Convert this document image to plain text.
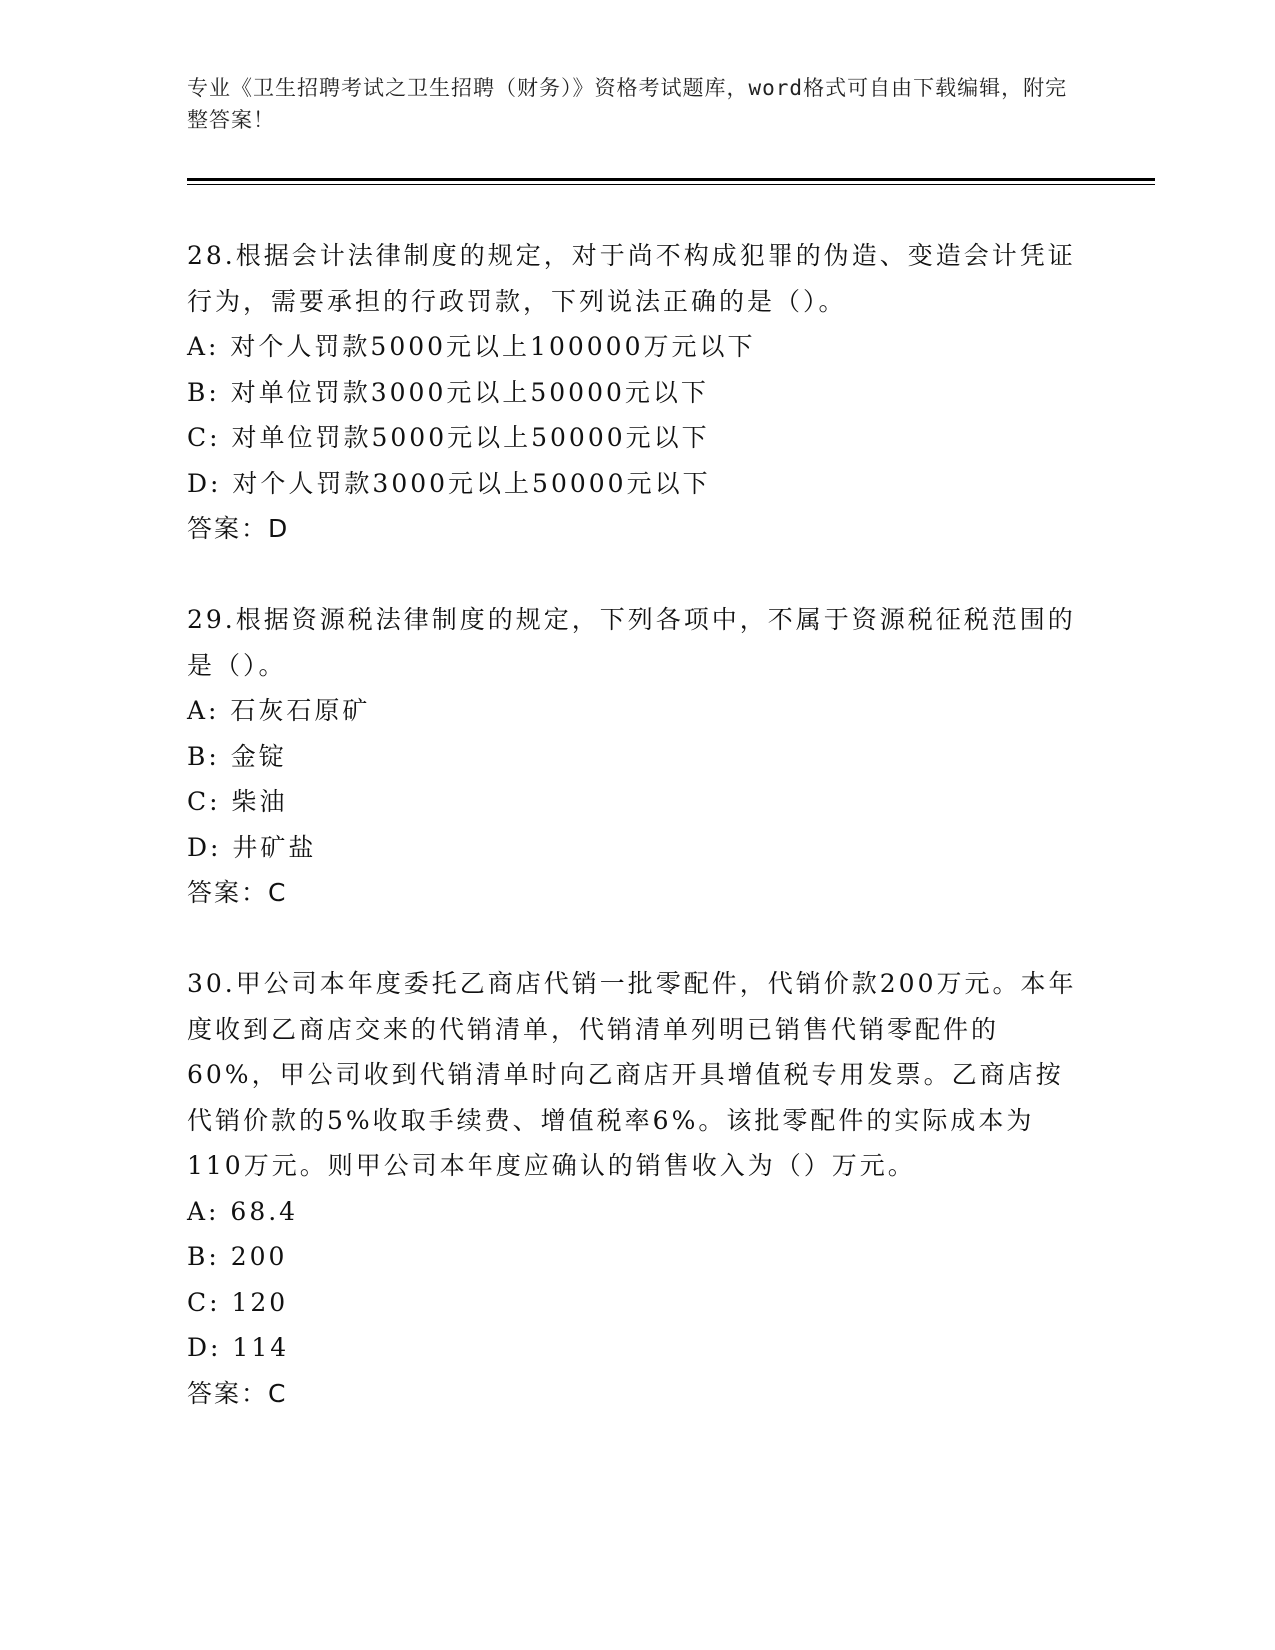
专业《卫生招聘考试之卫生招聘（财务）》资格考试题库，word格式可自由下载编辑，附完整答案！
28.根据会计法律制度的规定，对于尚不构成犯罪的伪造、变造会计凭证行为，需要承担的行政罚款，下列说法正确的是（）。
A: 对个人罚款5000元以上100000万元以下
B: 对单位罚款3000元以上50000元以下
C: 对单位罚款5000元以上50000元以下
D: 对个人罚款3000元以上50000元以下
答案：D
29.根据资源税法律制度的规定，下列各项中，不属于资源税征税范围的是（）。
A: 石灰石原矿
B: 金锭
C: 柴油
D: 井矿盐
答案：C
30.甲公司本年度委托乙商店代销一批零配件，代销价款200万元。本年度收到乙商店交来的代销清单，代销清单列明已销售代销零配件的60%，甲公司收到代销清单时向乙商店开具增值税专用发票。乙商店按代销价款的5%收取手续费、增值税率6%。该批零配件的实际成本为110万元。则甲公司本年度应确认的销售收入为（）万元。
A: 68.4
B: 200
C: 120
D: 114
答案：C
